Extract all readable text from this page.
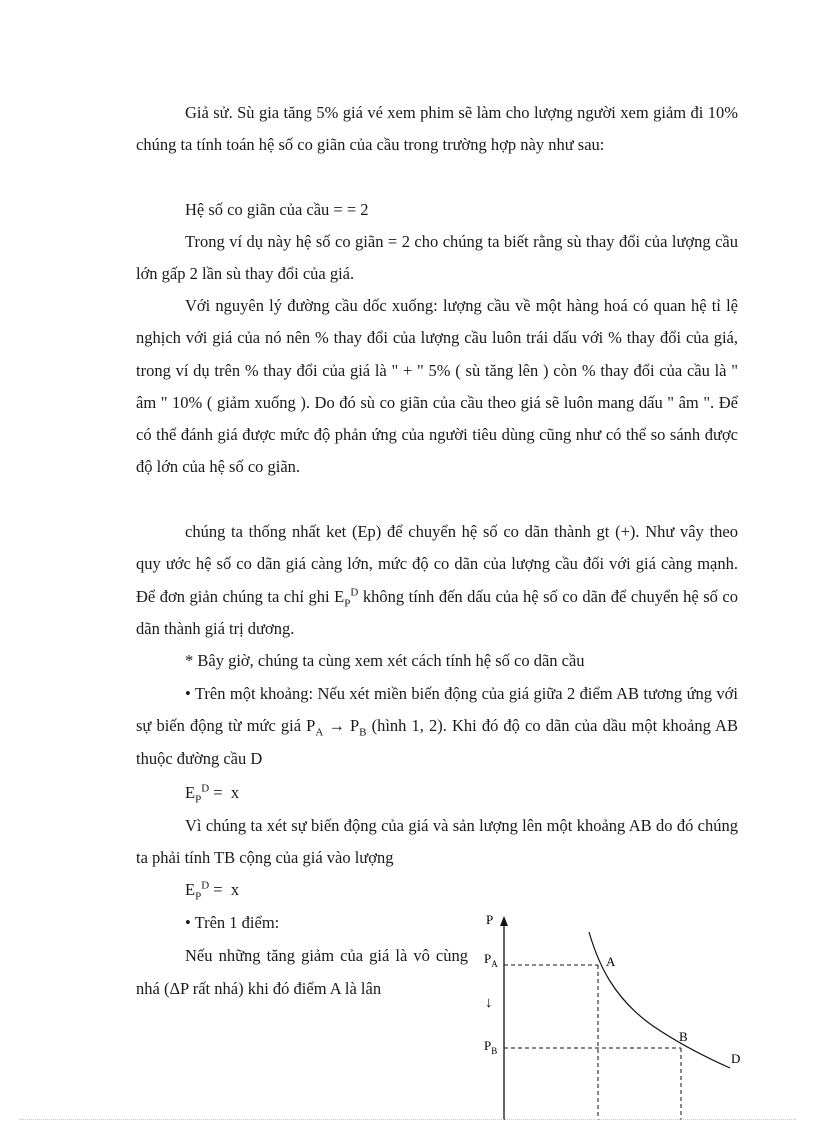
Giả sử. Sù gia tăng 5% giá vé xem phim sẽ làm cho lượng người xem giảm đi 10% chúng ta tính toán hệ số co giãn của cầu trong trường hợp này như sau:

Hệ số co giãn của cầu = = 2

Trong ví dụ này hệ số co giãn = 2 cho chúng ta biết rằng sù thay đổi của lượng cầu lớn gấp 2 lần sù thay đổi của giá.

Với nguyên lý đường cầu dốc xuống: lượng cầu về một hàng hoá có quan hệ tỉ lệ nghịch với giá của nó nên % thay đổi của lượng cầu luôn trái dấu với % thay đổi của giá, trong ví dụ trên % thay đổi của giá là " + " 5% ( sù tăng lên ) còn % thay đổi của cầu là " âm " 10% ( giảm xuống ). Do đó sù co giãn của cầu theo giá sẽ luôn mang dấu " âm ". Để có thể đánh giá được mức độ phản ứng của người tiêu dùng cũng như có thể so sánh được độ lớn của hệ số co giãn.

chúng ta thống nhất ket (Ep) để chuyển hệ số co dãn thành gt (+). Như vây theo quy ước hệ số co dãn giá càng lớn, mức độ co dãn của lượng cầu đối với giá càng mạnh. Để đơn giản chúng ta chỉ ghi $E_P^D$ không tính đến dấu của hệ số co dãn để chuyển hệ số co dãn thành giá trị dương.

* Bây giờ, chúng ta cùng xem xét cách tính hệ số co dãn cầu

• Trên một khoảng: Nếu xét miền biến động của giá giữa 2 điểm AB tương ứng với sự biến động từ mức giá $P_A \to P_B$ (hình 1, 2). Khi đó độ co dãn của dầu một khoảng AB thuộc đường cầu D

$E_P^D = x$

Vì chúng ta xét sự biến động của giá và sản lượng lên một khoảng AB do đó chúng ta phải tính TB cộng của giá vào lượng

$E_P^D = x$

• Trên 1 điểm:

Nếu những tăng giảm của giá là vô cùng nhá (ΔP rất nhá) khi đó điểm A là lân

P
$P_A$
$P_B$
A
B
D
↓
